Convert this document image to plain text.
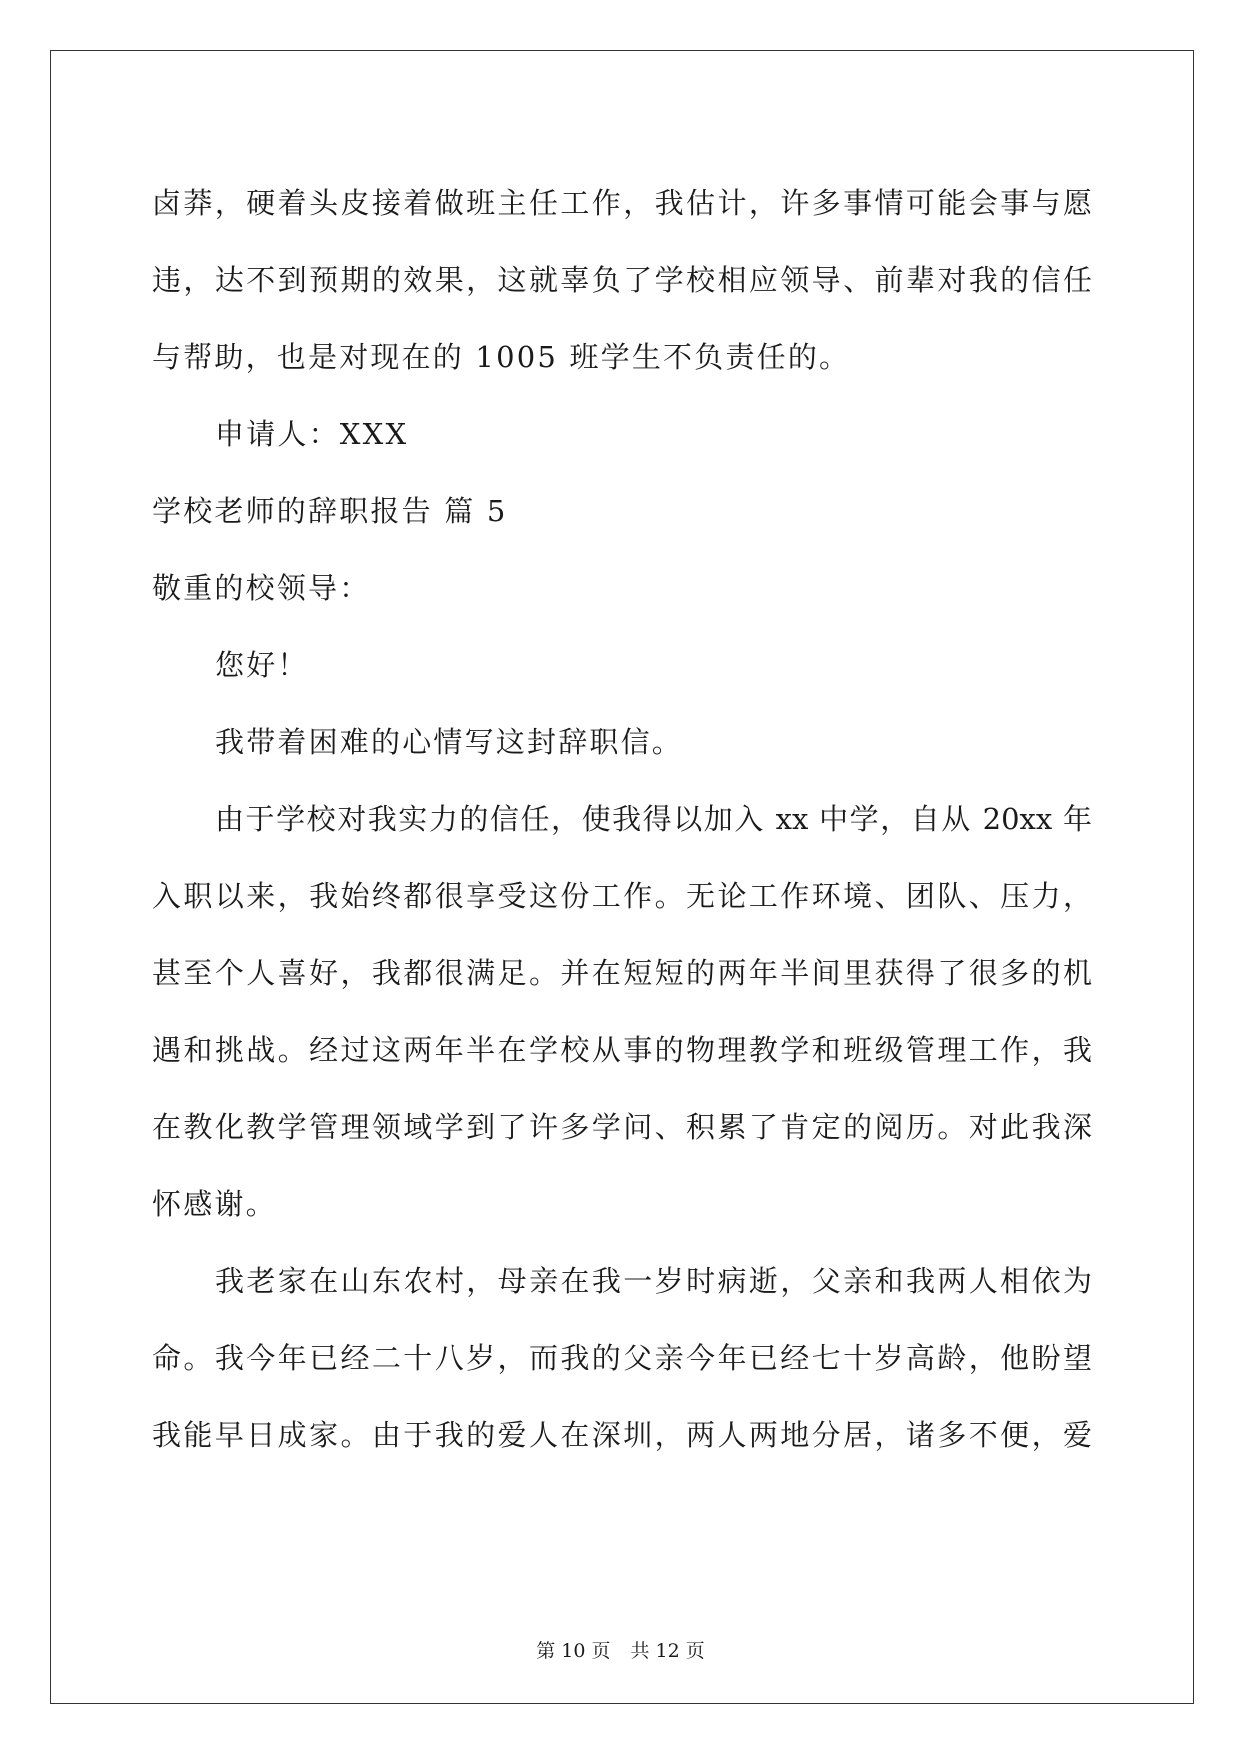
卤莽，硬着头皮接着做班主任工作，我估计，许多事情可能会事与愿
违，达不到预期的效果，这就辜负了学校相应领导、前辈对我的信任
与帮助，也是对现在的 1005 班学生不负责任的。
申请人：XXX
学校老师的辞职报告 篇 5
敬重的校领导：
您好！
我带着困难的心情写这封辞职信。
由于学校对我实力的信任，使我得以加入 xx 中学，自从 20xx 年
入职以来，我始终都很享受这份工作。无论工作环境、团队、压力，
甚至个人喜好，我都很满足。并在短短的两年半间里获得了很多的机
遇和挑战。经过这两年半在学校从事的物理教学和班级管理工作，我
在教化教学管理领域学到了许多学问、积累了肯定的阅历。对此我深
怀感谢。
我老家在山东农村，母亲在我一岁时病逝，父亲和我两人相依为
命。我今年已经二十八岁，而我的父亲今年已经七十岁高龄，他盼望
我能早日成家。由于我的爱人在深圳，两人两地分居，诸多不便，爱
第 10 页 共 12 页
